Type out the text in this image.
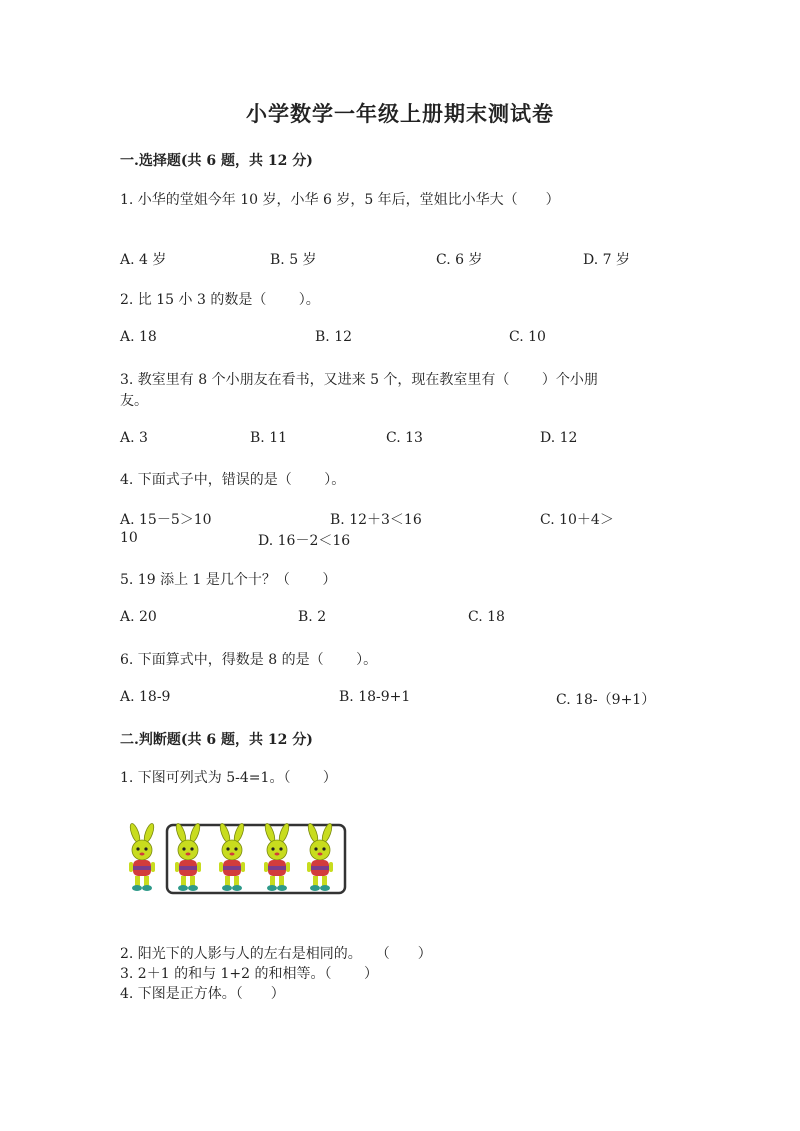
小学数学一年级上册期末测试卷
一.选择题(共 6 题，共 12 分)
1. 小华的堂姐今年 10 岁，小华 6 岁，5 年后，堂姐比小华大（　　）
A. 4 岁	B. 5 岁	C. 6 岁	D. 7 岁
2. 比 15 小 3 的数是（　　 ）。
A. 18	B. 12	C. 10
3. 教室里有 8 个小朋友在看书，又进来 5 个，现在教室里有（　　 ）个小朋
友。
A. 3	B. 11	C. 13	D. 12
4. 下面式子中，错误的是（　　 ）。
A. 15－5＞10	B. 12＋3＜16	C. 10＋4＞
10	D. 16－2＜16
5. 19 添上 1 是几个十？（　　 ）
A. 20	B. 2	C. 18
6. 下面算式中，得数是 8 的是（　　 ）。
A. 18-9	B. 18-9+1	C. 18-（9+1）
二.判断题(共 6 题，共 12 分)
1. 下图可列式为 5-4=1。（　　 ）
2. 阳光下的人影与人的左右是相同的。　　（　　）
3. 2＋1 的和与 1+2 的和相等。（　　 ）
4. 下图是正方体。（　　）
